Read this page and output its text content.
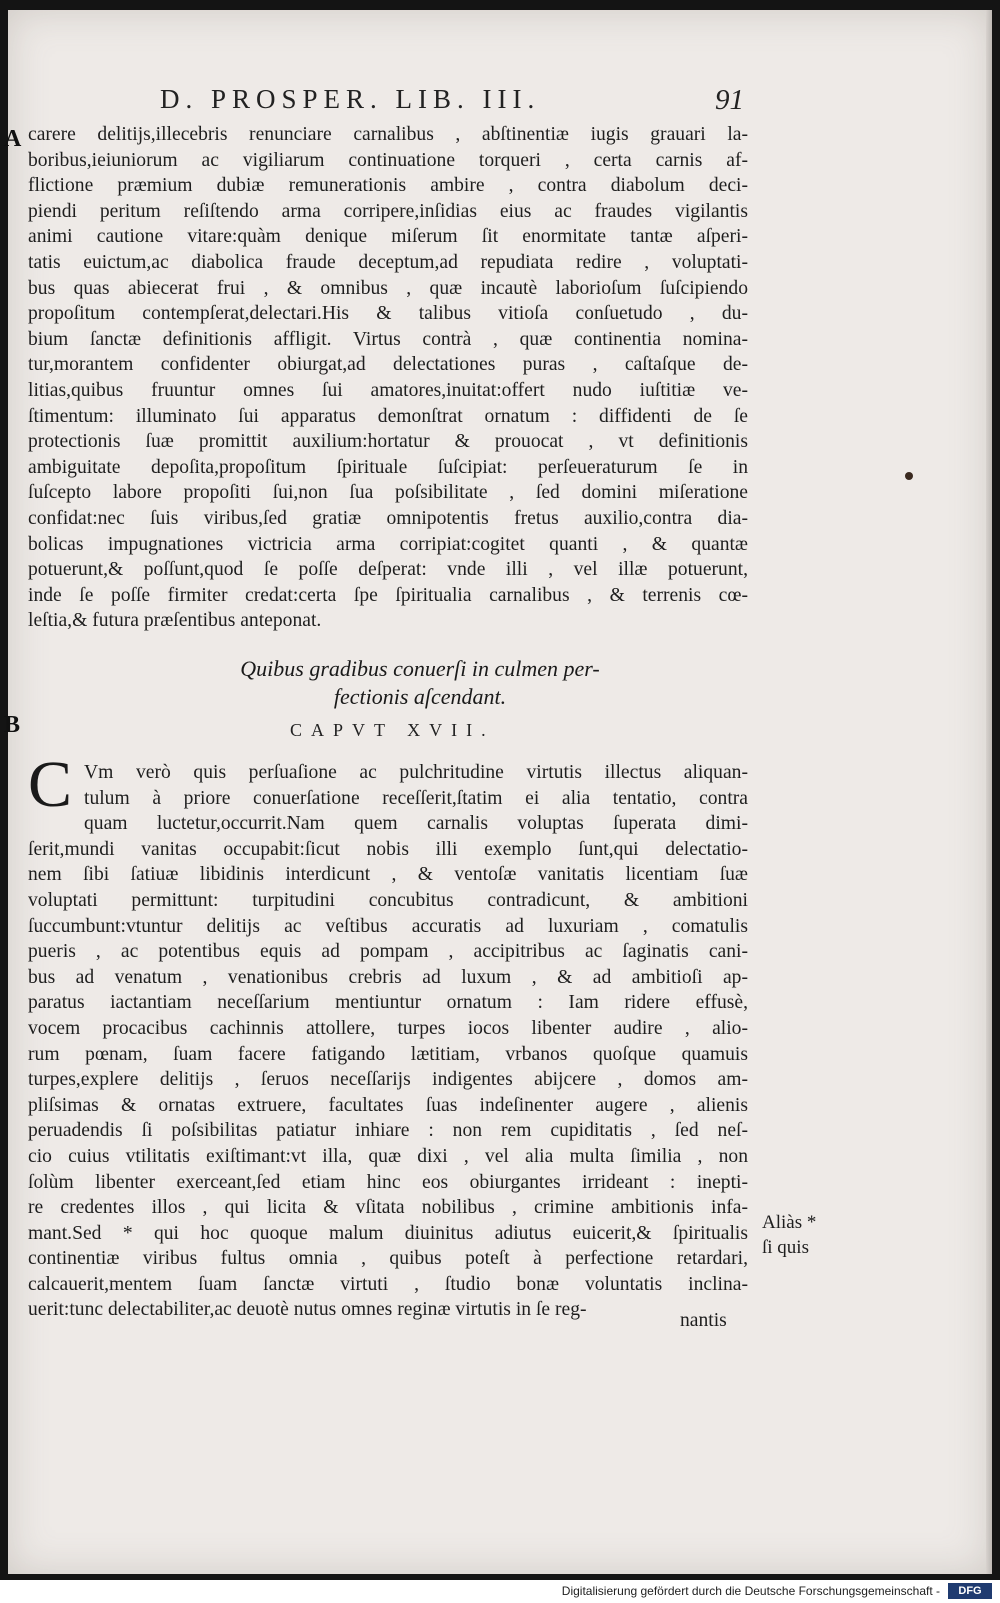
D. PROSPER. LIB. III.	91
A
B
carere delitijs,illecebris renunciare carnalibus , abſtinentiæ iugis grauari la-
boribus,ieiuniorum ac vigiliarum continuatione torqueri , certa carnis af-
flictione præmium dubiæ remunerationis ambire , contra diabolum deci-
piendi peritum reſiſtendo arma corripere,inſidias eius ac fraudes vigilantis
animi cautione vitare:quàm denique miſerum ſit enormitate tantæ aſperi-
tatis euictum,ac diabolica fraude deceptum,ad repudiata redire , voluptati-
bus quas abiecerat frui , & omnibus , quæ incautè laborioſum ſuſcipiendo
propoſitum contempſerat,delectari.His & talibus vitioſa conſuetudo , du-
bium ſanctæ definitionis affligit. Virtus contrà , quæ continentia nomina-
tur,morantem confidenter obiurgat,ad delectationes puras , caſtaſque de-
litias,quibus fruuntur omnes ſui amatores,inuitat:offert nudo iuſtitiæ ve-
ſtimentum: illuminato ſui apparatus demonſtrat ornatum : diffidenti de ſe
protectionis ſuæ promittit auxilium:hortatur & prouocat , vt definitionis
ambiguitate depoſita,propoſitum ſpirituale ſuſcipiat: perſeueraturum ſe in
ſuſcepto labore propoſiti ſui,non ſua poſsibilitate , ſed domini miſeratione
confidat:nec ſuis viribus,ſed gratiæ omnipotentis fretus auxilio,contra dia-
bolicas impugnationes victricia arma corripiat:cogitet quanti , & quantæ
potuerunt,& poſſunt,quod ſe poſſe deſperat: vnde illi , vel illæ potuerunt,
inde ſe poſſe firmiter credat:certa ſpe ſpiritualia carnalibus , & terrenis cœ-
leſtia,& futura præſentibus anteponat.
Quibus gradibus conuerſi in culmen per-
fectionis aſcendant.
CAPVT XVII.
C Vm verò quis perſuaſione ac pulchritudine virtutis illectus aliquan-
tulum à priore conuerſatione receſſerit,ſtatim ei alia tentatio, contra
quam luctetur,occurrit.Nam quem carnalis voluptas ſuperata dimi-
ſerit,mundi vanitas occupabit:ſicut nobis illi exemplo ſunt,qui delectatio-
nem ſibi ſatiuæ libidinis interdicunt , & ventoſæ vanitatis licentiam ſuæ
voluptati permittunt: turpitudini concubitus contradicunt, & ambitioni
ſuccumbunt:vtuntur delitijs ac veſtibus accuratis ad luxuriam , comatulis
pueris , ac potentibus equis ad pompam , accipitribus ac ſaginatis cani-
bus ad venatum , venationibus crebris ad luxum , & ad ambitioſi ap-
paratus iactantiam neceſſarium mentiuntur ornatum : Iam ridere effusè,
vocem procacibus cachinnis attollere, turpes iocos libenter audire , alio-
rum pœnam, ſuam facere fatigando lætitiam, vrbanos quoſque quamuis
turpes,explere delitijs , ſeruos neceſſarijs indigentes abijcere , domos am-
pliſsimas & ornatas extruere, facultates ſuas indeſinenter augere , alienis
peruadendis ſi poſsibilitas patiatur inhiare : non rem cupiditatis , ſed neſ-
cio cuius vtilitatis exiſtimant:vt illa, quæ dixi , vel alia multa ſimilia , non
ſolùm libenter exerceant,ſed etiam hinc eos obiurgantes irrideant : inepti-
re credentes illos , qui licita & vſitata nobilibus , crimine ambitionis infa-
mant.Sed * qui hoc quoque malum diuinitus adiutus euicerit,& ſpiritualis
continentiæ viribus fultus omnia , quibus poteſt à perfectione retardari,
calcauerit,mentem ſuam ſanctæ virtuti , ſtudio bonæ voluntatis inclina-
uerit:tunc delectabiliter,ac deuotè nutus omnes reginæ virtutis in ſe reg-
Aliàs *
ſi quis
nantis
Digitalisierung gefördert durch die Deutsche Forschungsgemeinschaft -	DFG
